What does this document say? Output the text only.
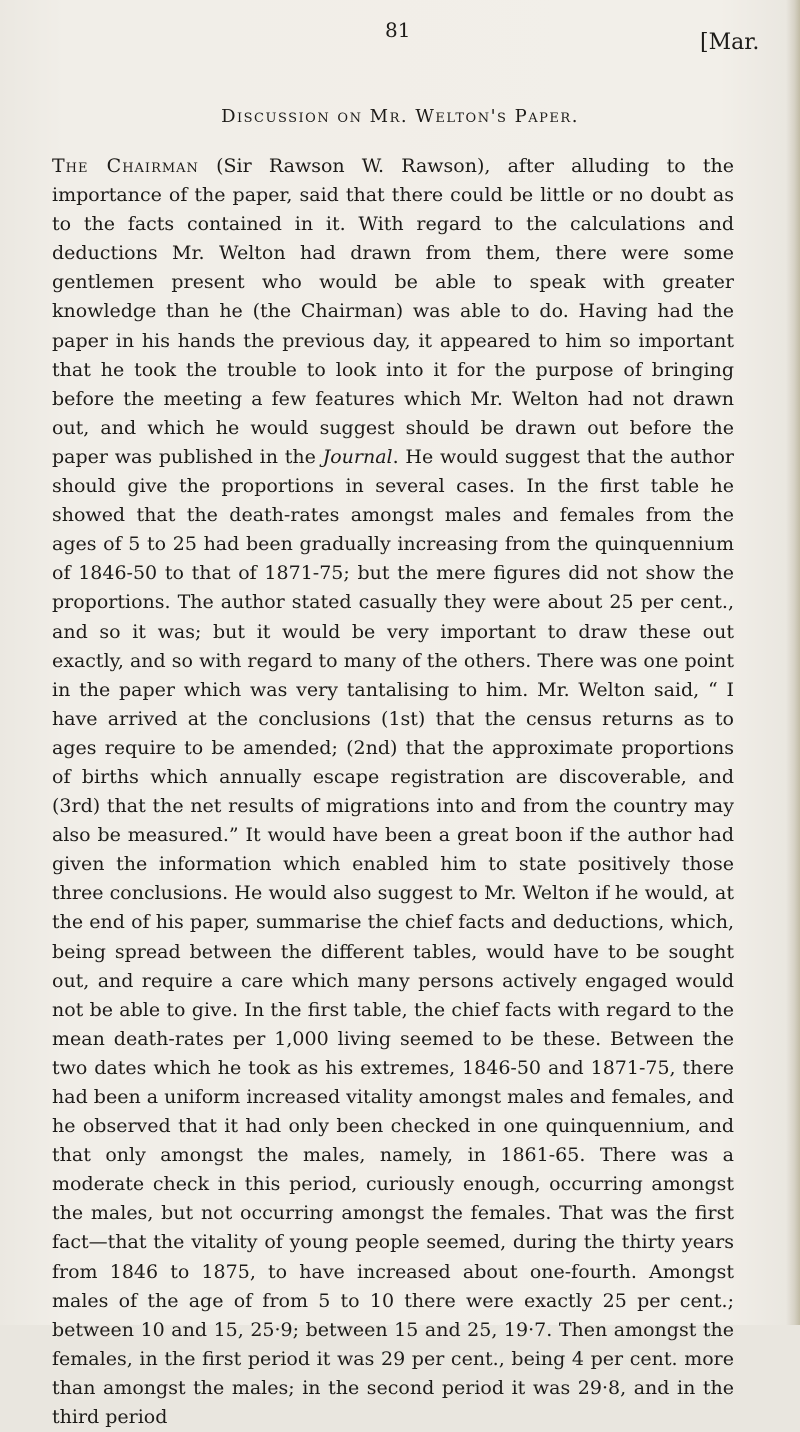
81	[Mar.
Discussion on Mr. Welton's Paper.

The Chairman (Sir Rawson W. Rawson), after alluding to the importance of the paper, said that there could be little or no doubt as to the facts contained in it. With regard to the calculations and deductions Mr. Welton had drawn from them, there were some gentlemen present who would be able to speak with greater knowledge than he (the Chairman) was able to do. Having had the paper in his hands the previous day, it appeared to him so important that he took the trouble to look into it for the purpose of bringing before the meeting a few features which Mr. Welton had not drawn out, and which he would suggest should be drawn out before the paper was published in the Journal. He would suggest that the author should give the proportions in several cases. In the first table he showed that the death-rates amongst males and females from the ages of 5 to 25 had been gradually increasing from the quinquennium of 1846-50 to that of 1871-75; but the mere figures did not show the proportions. The author stated casually they were about 25 per cent., and so it was; but it would be very important to draw these out exactly, and so with regard to many of the others. There was one point in the paper which was very tantalising to him. Mr. Welton said, “ I have arrived at the conclusions (1st) that the census returns as to ages require to be amended; (2nd) that the approximate proportions of births which annually escape registration are discoverable, and (3rd) that the net results of migrations into and from the country may also be measured.” It would have been a great boon if the author had given the information which enabled him to state positively those three conclusions. He would also suggest to Mr. Welton if he would, at the end of his paper, summarise the chief facts and deductions, which, being spread between the different tables, would have to be sought out, and require a care which many persons actively engaged would not be able to give. In the first table, the chief facts with regard to the mean death-rates per 1,000 living seemed to be these. Between the two dates which he took as his extremes, 1846-50 and 1871-75, there had been a uniform increased vitality amongst males and females, and he observed that it had only been checked in one quinquennium, and that only amongst the males, namely, in 1861-65. There was a moderate check in this period, curiously enough, occurring amongst the males, but not occurring amongst the females. That was the first fact—that the vitality of young people seemed, during the thirty years from 1846 to 1875, to have increased about one-fourth. Amongst males of the age of from 5 to 10 there were exactly 25 per cent.; between 10 and 15, 25·9; between 15 and 25, 19·7. Then amongst the females, in the first period it was 29 per cent., being 4 per cent. more than amongst the males; in the second period it was 29·8, and in the third period
